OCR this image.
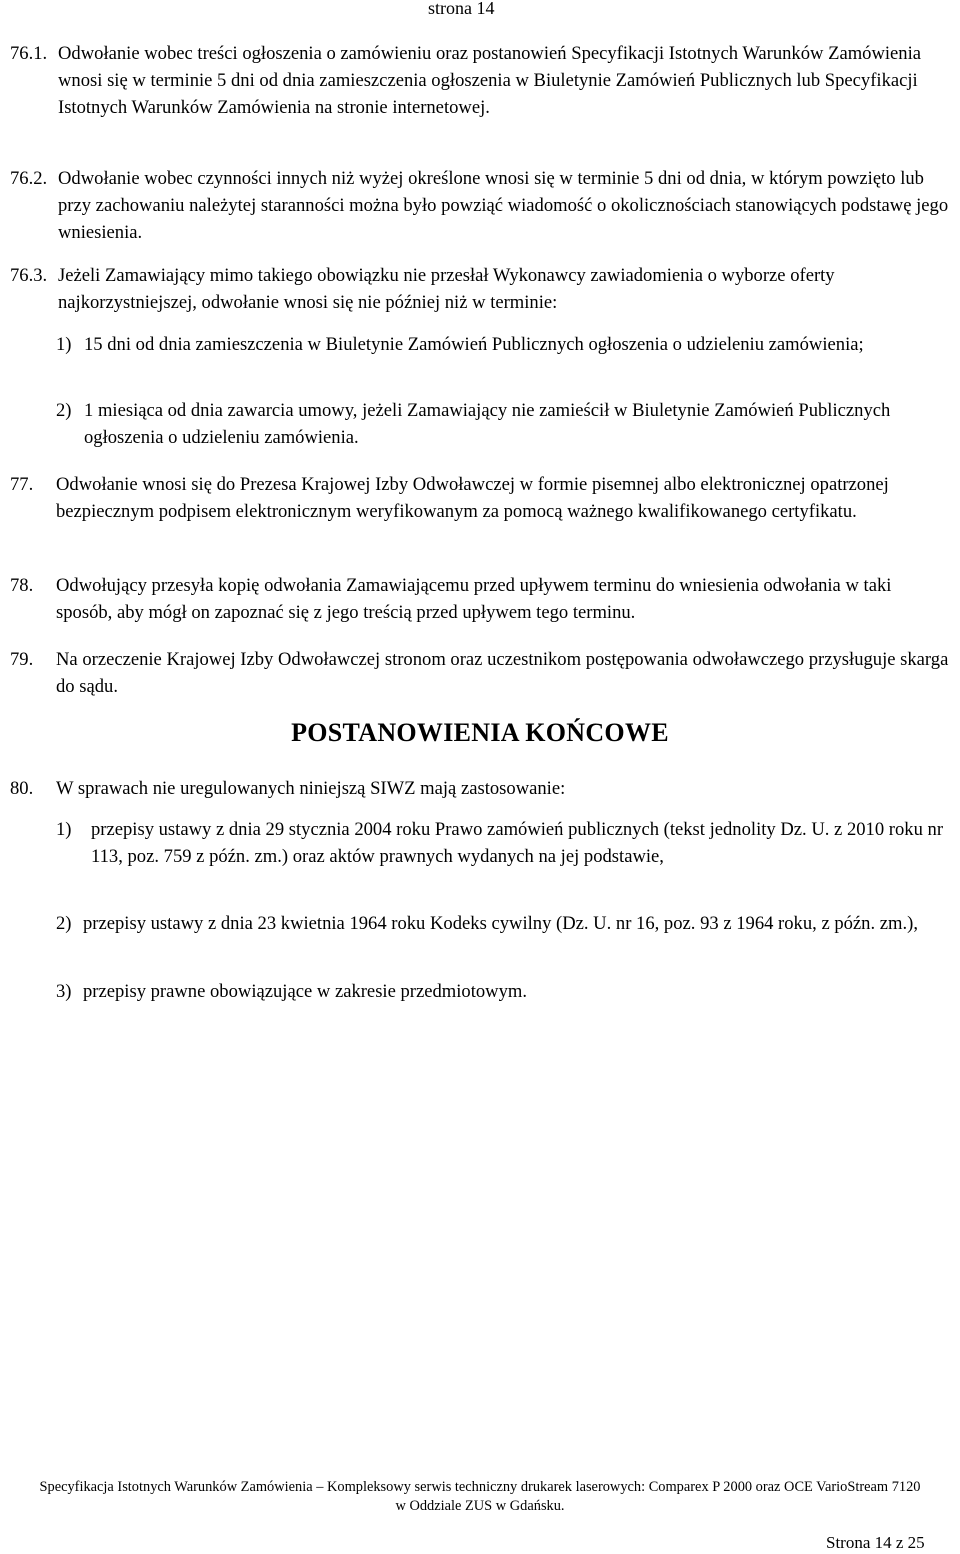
strona 14
76.1. Odwołanie wobec treści ogłoszenia o zamówieniu oraz postanowień Specyfikacji Istotnych Warunków Zamówienia wnosi się w terminie 5 dni od dnia zamieszczenia ogłoszenia w Biuletynie Zamówień Publicznych lub Specyfikacji Istotnych Warunków Zamówienia na stronie internetowej.
76.2. Odwołanie wobec czynności innych niż wyżej określone wnosi się w terminie 5 dni od dnia, w którym powzięto lub przy zachowaniu należytej staranności można było powziąć wiadomość o okolicznościach stanowiących podstawę jego wniesienia.
76.3. Jeżeli Zamawiający mimo takiego obowiązku nie przesłał Wykonawcy zawiadomienia o wyborze oferty najkorzystniejszej, odwołanie wnosi się nie później niż w terminie:
1) 15 dni od dnia zamieszczenia w Biuletynie Zamówień Publicznych ogłoszenia o udzieleniu zamówienia;
2) 1 miesiąca od dnia zawarcia umowy, jeżeli Zamawiający nie zamieścił w Biuletynie Zamówień Publicznych ogłoszenia o udzieleniu zamówienia.
77.	Odwołanie wnosi się do Prezesa Krajowej Izby Odwoławczej w formie pisemnej albo elektronicznej opatrzonej bezpiecznym podpisem elektronicznym weryfikowanym za pomocą ważnego kwalifikowanego certyfikatu.
78.	Odwołujący przesyła kopię odwołania Zamawiającemu przed upływem terminu do wniesienia odwołania w taki sposób, aby mógł on zapoznać się z jego treścią przed upływem tego terminu.
79.	Na orzeczenie Krajowej Izby Odwoławczej stronom oraz uczestnikom postępowania odwoławczego przysługuje skarga do sądu.
POSTANOWIENIA KOŃCOWE
80.	W sprawach nie uregulowanych niniejszą SIWZ mają zastosowanie:
1)	przepisy ustawy z dnia 29 stycznia 2004 roku Prawo zamówień publicznych (tekst jednolity Dz. U. z 2010 roku nr 113, poz. 759 z późn. zm.) oraz aktów prawnych wydanych na jej podstawie,
2) przepisy ustawy z dnia 23 kwietnia 1964 roku Kodeks cywilny (Dz. U. nr 16, poz. 93 z 1964 roku, z późn. zm.),
3) przepisy prawne obowiązujące w zakresie przedmiotowym.
Specyfikacja Istotnych Warunków Zamówienia – Kompleksowy serwis techniczny drukarek laserowych: Comparex P 2000 oraz OCE VarioStream 7120
w Oddziale ZUS w Gdańsku.
Strona 14 z 25
